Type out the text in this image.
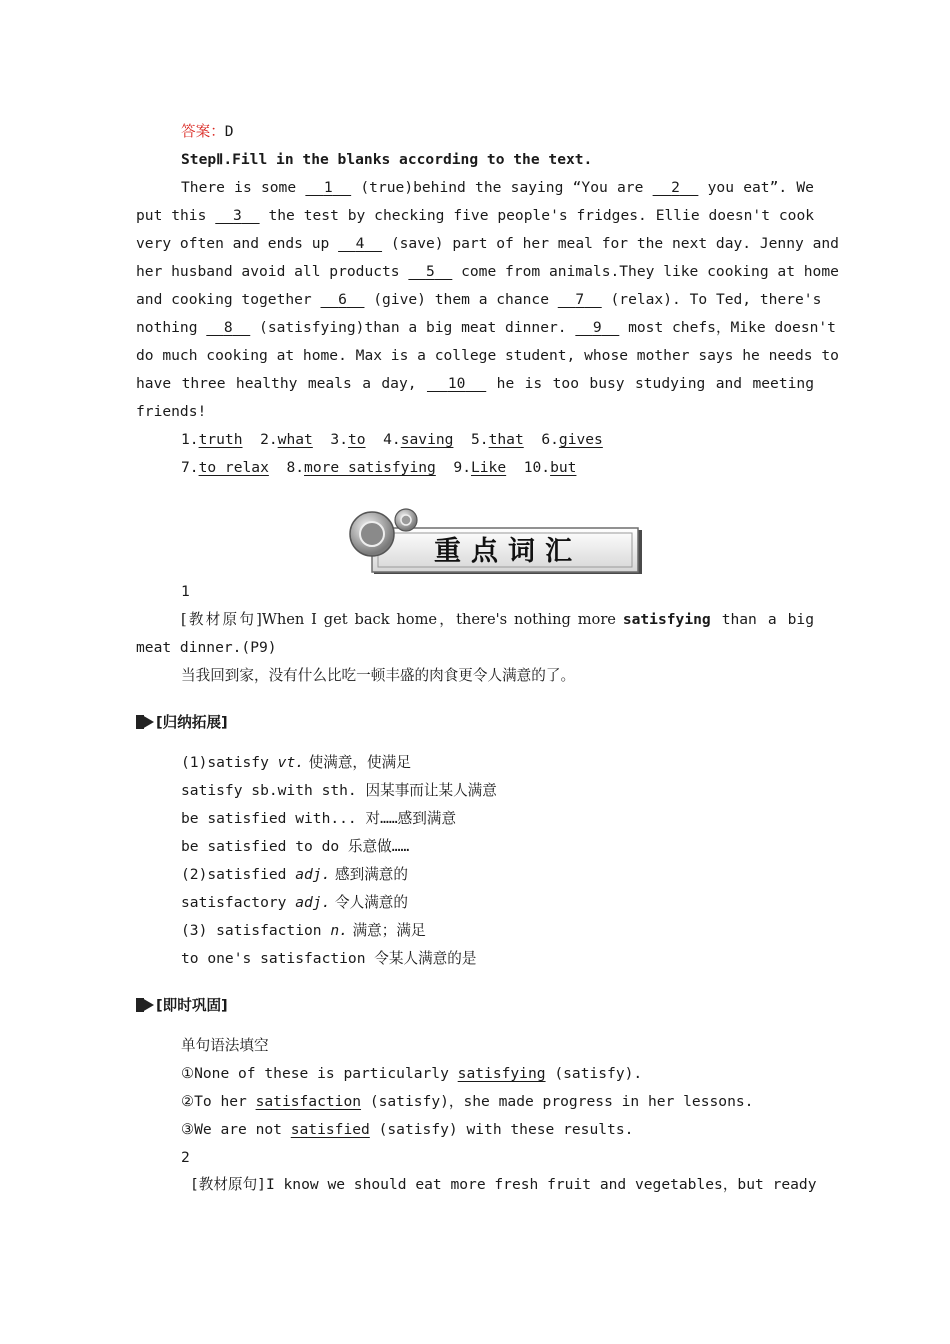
答案：D
StepⅡ.Fill in the blanks according to the text.
There is some   1   (true)behind the saying “You are   2   you eat”. We
put this   3   the test by checking five people's fridges. Ellie doesn't cook
very often and ends up   4   (save) part of her meal for the next day. Jenny and
her husband avoid all products   5   come from animals.They like cooking at home
and cooking together   6   (give) them a chance   7   (relax). To Ted, there's
nothing   8   (satisfying)than a big meat dinner.   9   most chefs，Mike doesn't
do much cooking at home. Max is a college student, whose mother says he needs to
have three healthy meals a day,   10   he is too busy studying and meeting
friends!
1.truth 2.what 3.to 4.saving 5.that 6.gives
7.to relax 8.more satisfying 9.Like 10.but
重点词汇
1
[教材原句]When I get back home，there's nothing more satisfying than a big
meat dinner.(P9)
当我回到家，没有什么比吃一顿丰盛的肉食更令人满意的了。
[归纳拓展]
(1)satisfy vt. 使满意，使满足
satisfy sb.with sth. 因某事而让某人满意
be satisfied with... 对……感到满意
be satisfied to do 乐意做……
(2)satisfied adj. 感到满意的
satisfactory adj. 令人满意的
(3) satisfaction n. 满意；满足
to one's satisfaction 令某人满意的是
[即时巩固]
单句语法填空
①None of these is particularly satisfying (satisfy).
②To her satisfaction (satisfy)，she made progress in her lessons.
③We are not satisfied (satisfy) with these results.
2
[教材原句]I know we should eat more fresh fruit and vegetables，but ready
